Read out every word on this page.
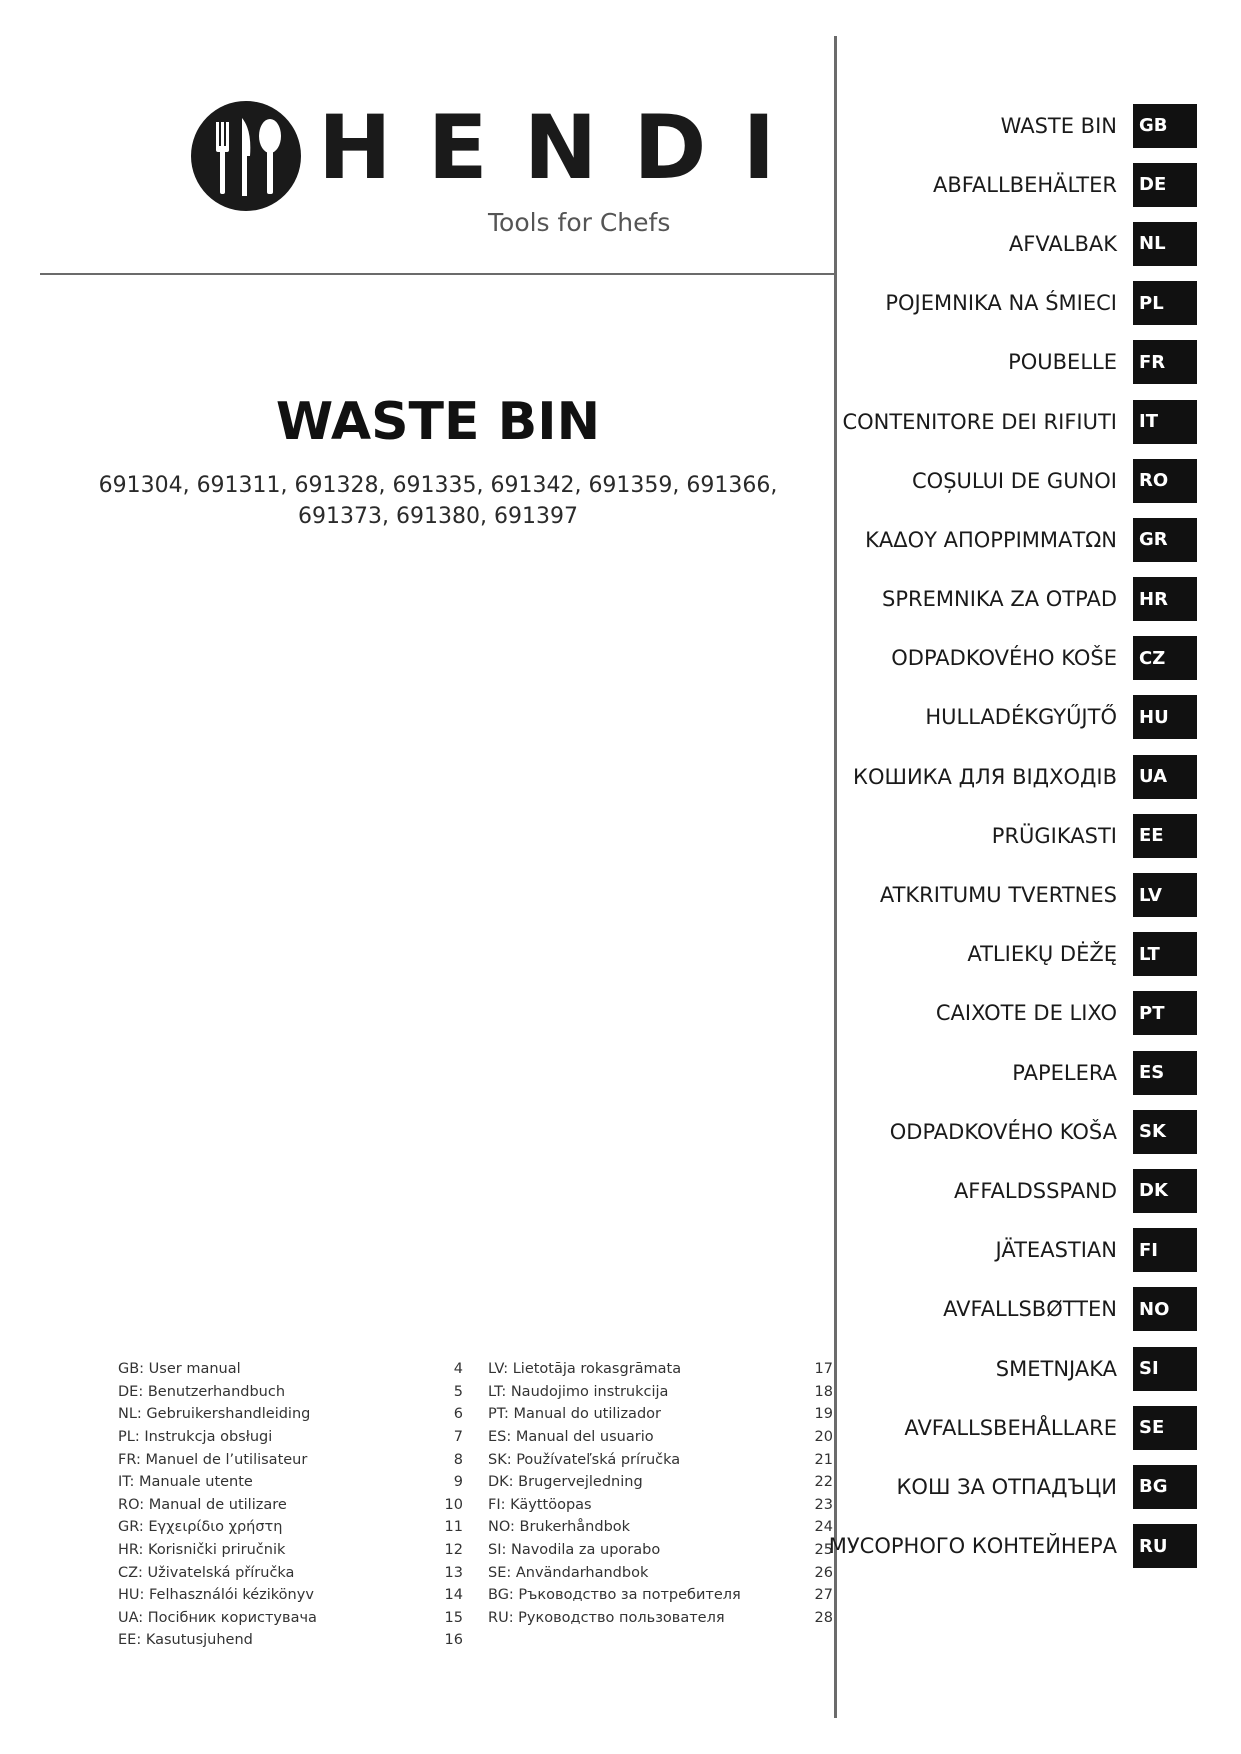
HENDI
Tools for Chefs
WASTE BIN
691304, 691311, 691328, 691335, 691342, 691359, 691366,
691373, 691380, 691397
WASTE BIN	GB
ABFALLBEHÄLTER	DE
AFVALBAK	NL
POJEMNIKA NA ŚMIECI	PL
POUBELLE	FR
CONTENITORE DEI RIFIUTI	IT
COȘULUI DE GUNOI	RO
ΚΑΔΟΥ ΑΠΟΡΡΙΜΜΑΤΩΝ	GR
SPREMNIKA ZA OTPAD	HR
ODPADKOVÉHO KOŠE	CZ
HULLADÉKGYŰJTŐ	HU
КОШИКА ДЛЯ ВІДХОДІВ	UA
PRÜGIKASTI	EE
ATKRITUMU TVERTNES	LV
ATLIEKŲ DĖŽĘ	LT
CAIXOTE DE LIXO	PT
PAPELERA	ES
ODPADKOVÉHO KOŠA	SK
AFFALDSSPAND	DK
JÄTEASTIAN	FI
AVFALLSBØTTEN	NO
SMETNJAKA	SI
AVFALLSBEHÅLLARE	SE
КОШ ЗА ОТПАДЪЦИ	BG
МУСОРНОГО КОНТЕЙНЕРА	RU
GB: User manual	4
DE: Benutzerhandbuch	5
NL: Gebruikershandleiding	6
PL: Instrukcja obsługi	7
FR: Manuel de l’utilisateur	8
IT: Manuale utente	9
RO: Manual de utilizare	10
GR: Εγχειρίδιο χρήστη	11
HR: Korisnički priručnik	12
CZ: Uživatelská příručka	13
HU: Felhasználói kézikönyv	14
UA: Посібник користувача	15
EE: Kasutusjuhend	16
LV: Lietotāja rokasgrāmata	17
LT: Naudojimo instrukcija	18
PT: Manual do utilizador	19
ES: Manual del usuario	20
SK: Používateľská príručka	21
DK: Brugervejledning	22
FI: Käyttöopas	23
NO: Brukerhåndbok	24
SI: Navodila za uporabo	25
SE: Användarhandbok	26
BG: Ръководство за потребителя	27
RU: Руководство пользователя	28
